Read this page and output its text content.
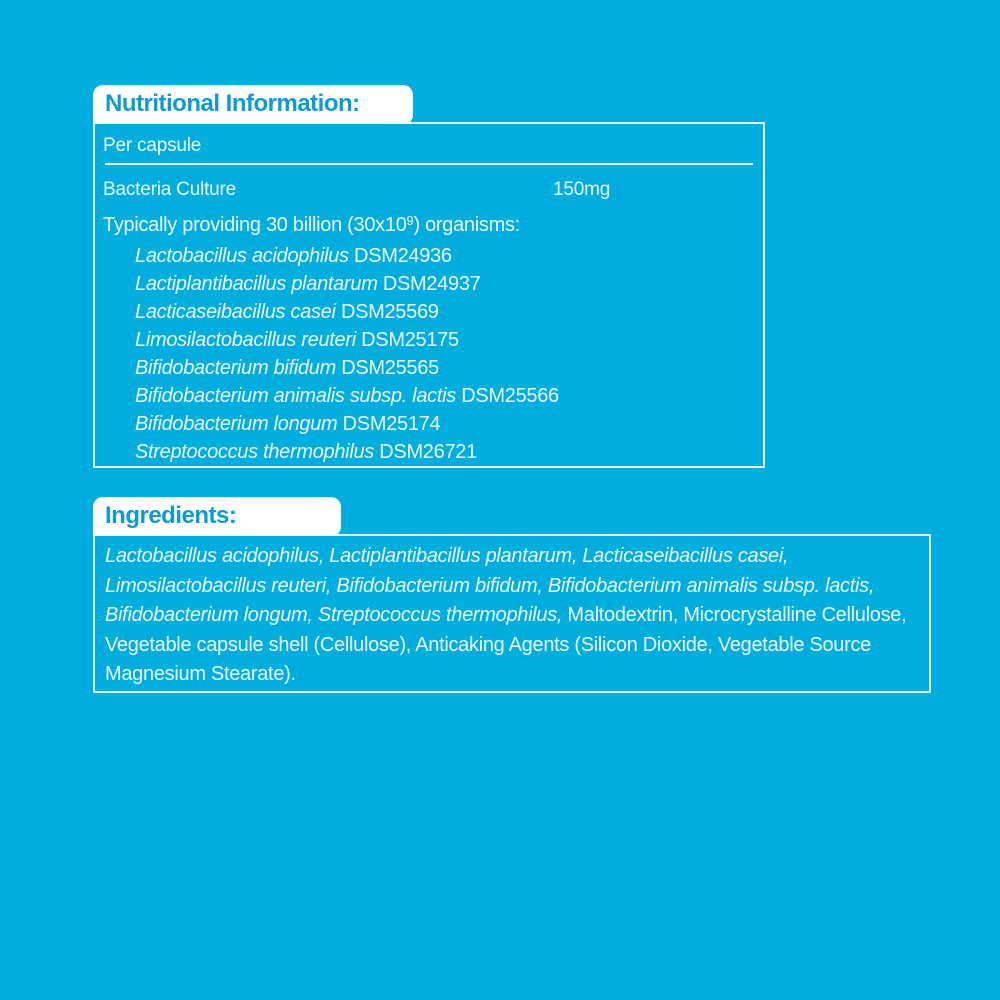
Nutritional Information:
Per capsule
Bacteria Culture	150mg
Typically providing 30 billion $(30x10^9)$ organisms:
Lactobacillus acidophilus DSM24936
Lactiplantibacillus plantarum DSM24937
Lacticaseibacillus casei DSM25569
Limosilactobacillus reuteri DSM25175
Bifidobacterium bifidum DSM25565
Bifidobacterium animalis subsp. lactis DSM25566
Bifidobacterium longum DSM25174
Streptococcus thermophilus DSM26721
Ingredients:

Lactobacillus acidophilus, Lactiplantibacillus plantarum, Lacticaseibacillus casei, Limosilactobacillus reuteri, Bifidobacterium bifidum, Bifidobacterium animalis subsp. lactis, Bifidobacterium longum, Streptococcus thermophilus, Maltodextrin, Microcrystalline Cellulose, Vegetable capsule shell (Cellulose), Anticaking Agents (Silicon Dioxide, Vegetable Source Magnesium Stearate).
